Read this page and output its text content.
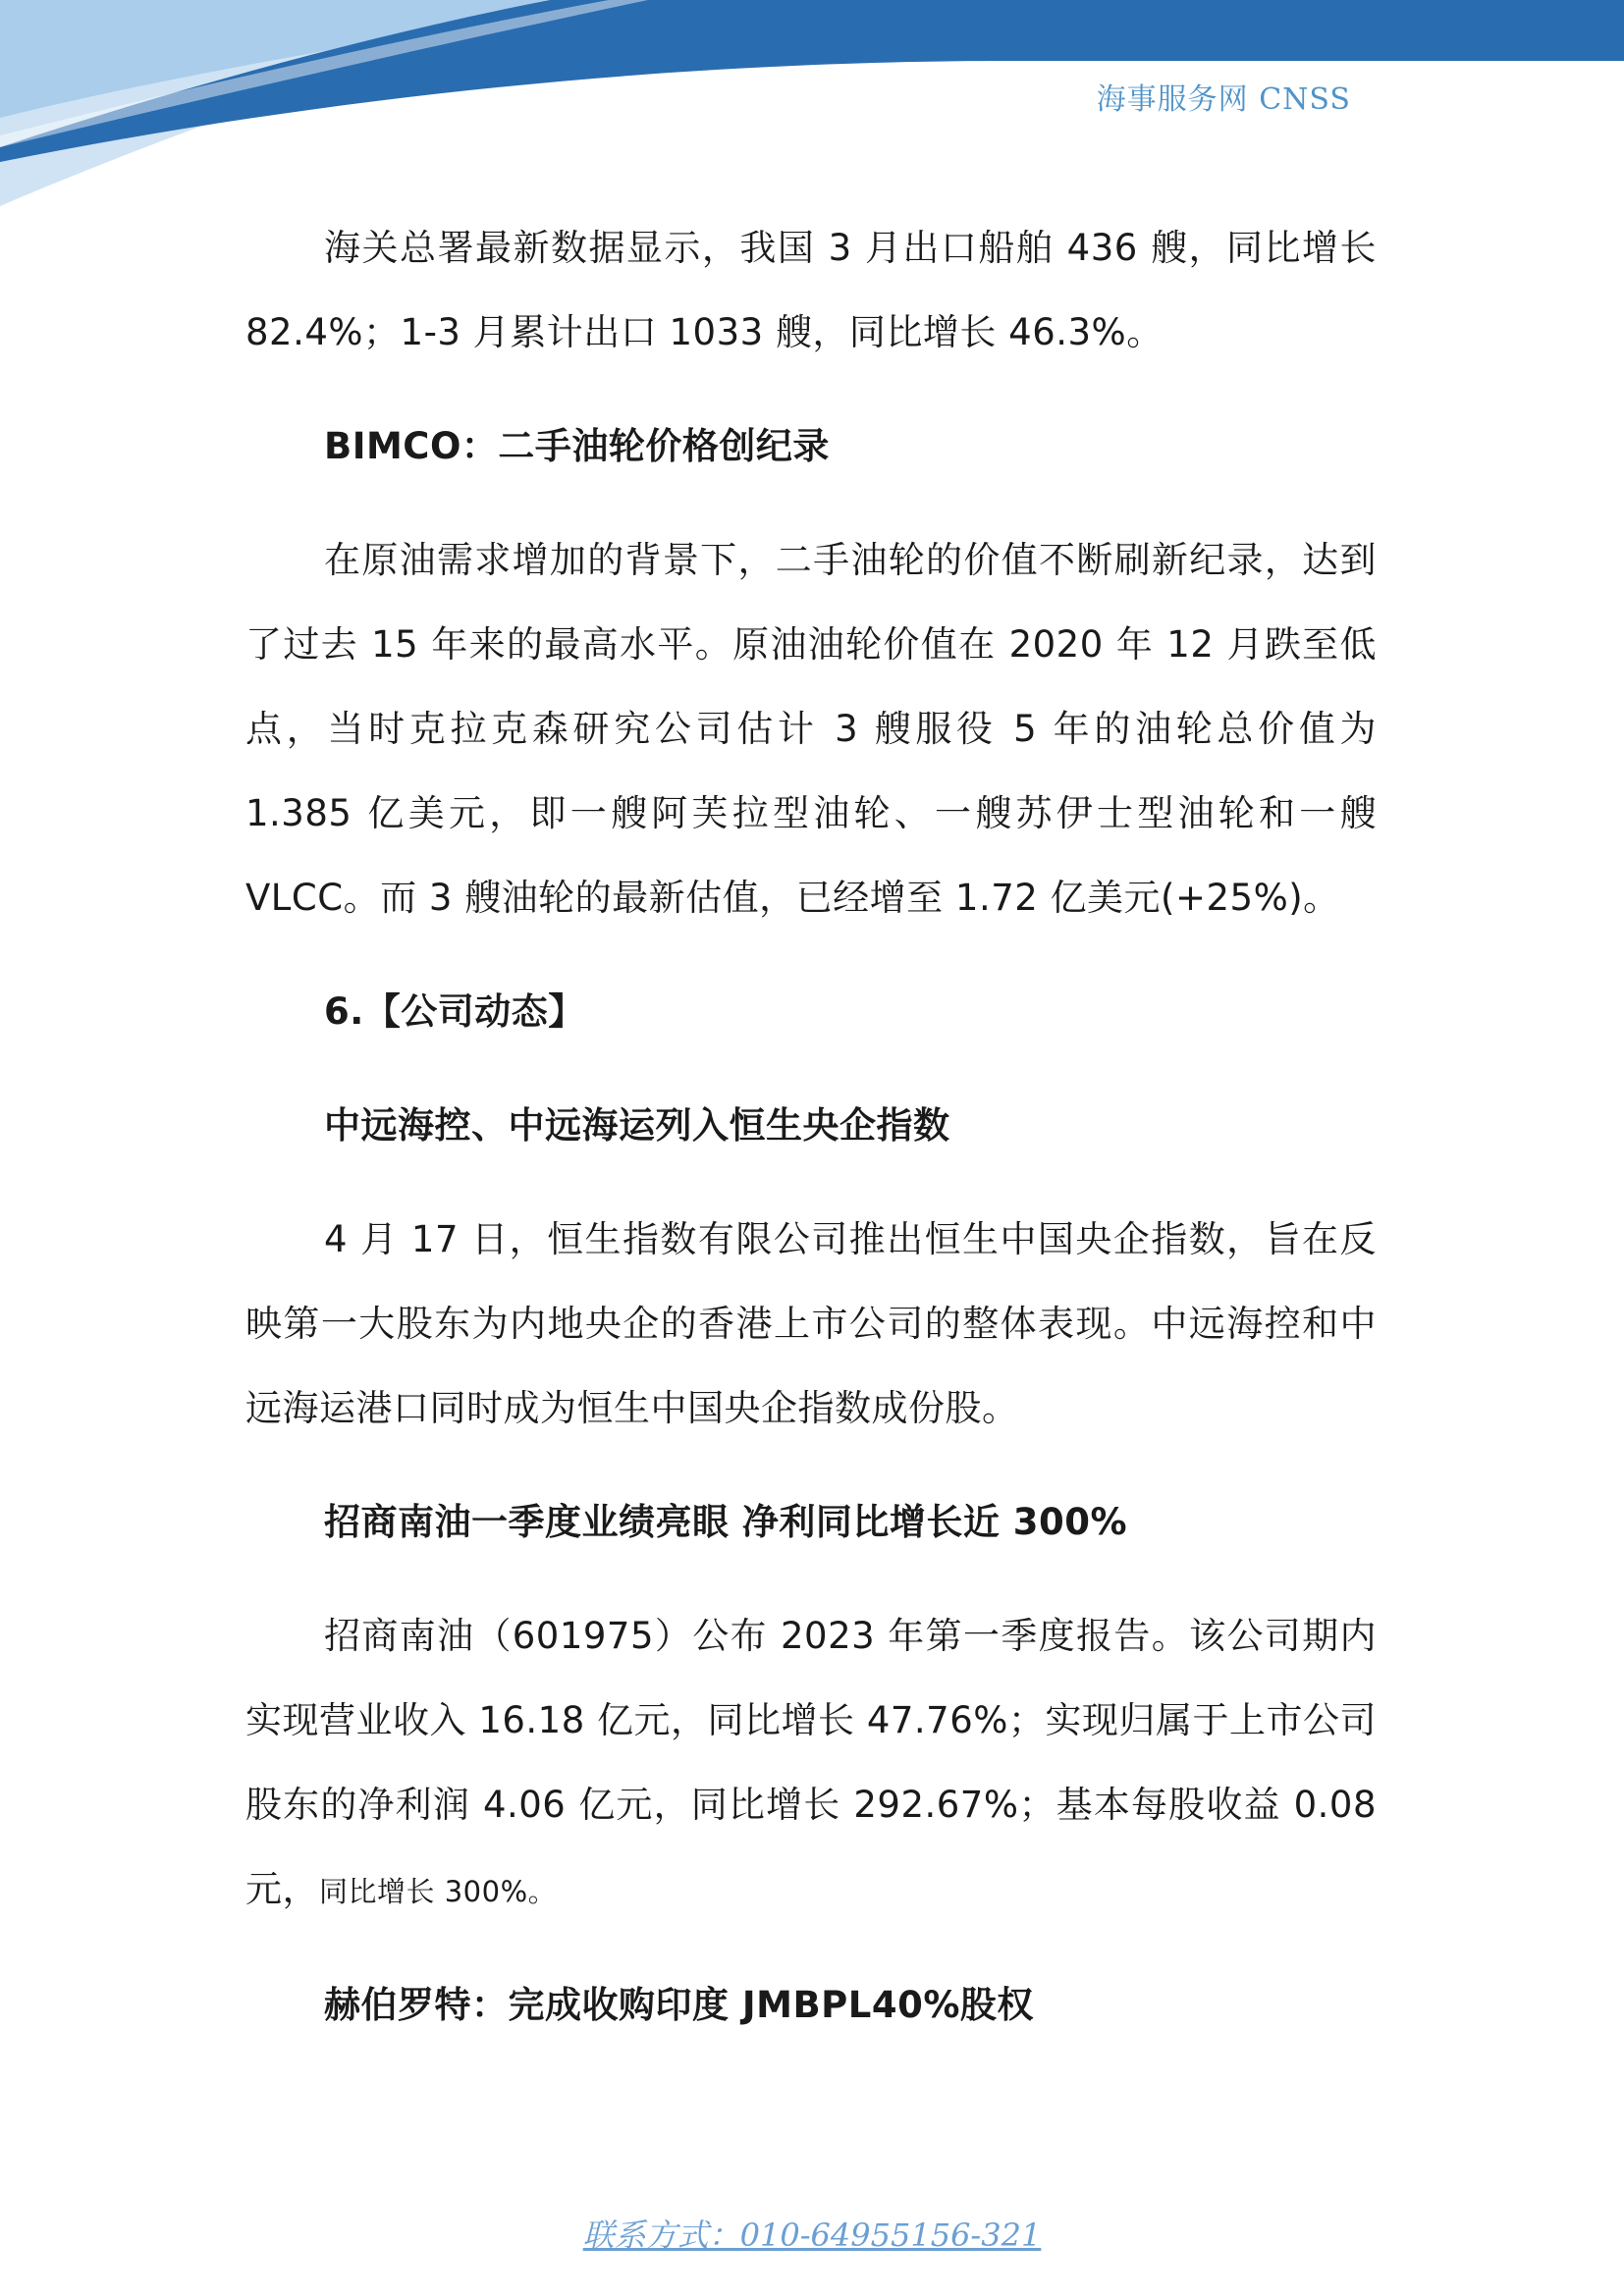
海事服务网 CNSS

海关总署最新数据显示，我国 3 月出口船舶 436 艘，同比增长 82.4%；1-3 月累计出口 1033 艘，同比增长 46.3%。

BIMCO：二手油轮价格创纪录

在原油需求增加的背景下，二手油轮的价值不断刷新纪录，达到了过去 15 年来的最高水平。原油油轮价值在 2020 年 12 月跌至低点，当时克拉克森研究公司估计 3 艘服役 5 年的油轮总价值为 1.385 亿美元，即一艘阿芙拉型油轮、一艘苏伊士型油轮和一艘 VLCC。而 3 艘油轮的最新估值，已经增至 1.72 亿美元(+25%)。

6.【公司动态】
中远海控、中远海运列入恒生央企指数

4 月 17 日，恒生指数有限公司推出恒生中国央企指数，旨在反映第一大股东为内地央企的香港上市公司的整体表现。中远海控和中远海运港口同时成为恒生中国央企指数成份股。

招商南油一季度业绩亮眼 净利同比增长近 300%

招商南油（601975）公布 2023 年第一季度报告。该公司期内实现营业收入 16.18 亿元，同比增长 47.76%；实现归属于上市公司股东的净利润 4.06 亿元，同比增长 292.67%；基本每股收益 0.08 元，同比增长 300%。

赫伯罗特：完成收购印度 JMBPL40%股权
联系方式：010-64955156-321
